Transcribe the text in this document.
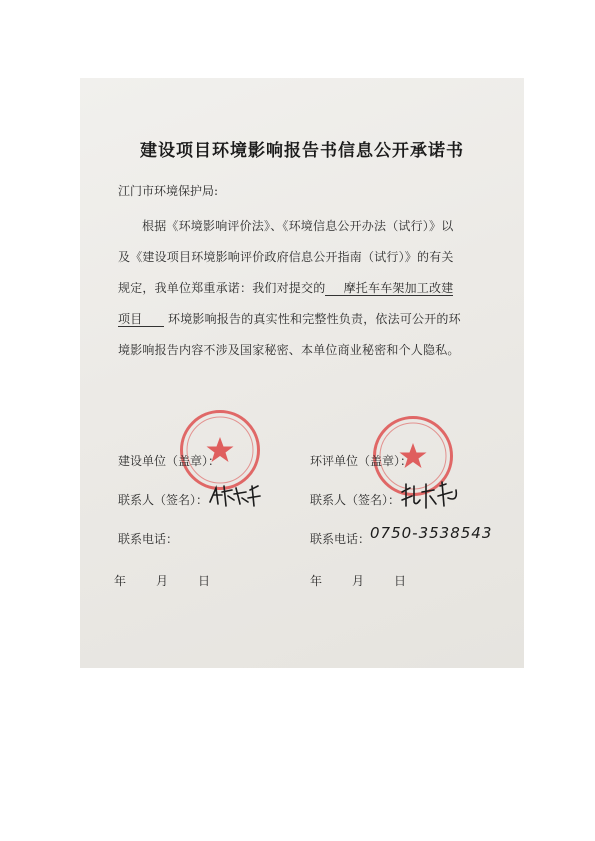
建设项目环境影响报告书信息公开承诺书
江门市环境保护局:
根据《环境影响评价法》、《环境信息公开办法（试行）》以
及《建设项目环境影响评价政府信息公开指南（试行）》的有关
规定，我单位郑重承诺：我们对提交的 摩托车车架加工改建
项目 环境影响报告的真实性和完整性负责，依法可公开的环
境影响报告内容不涉及国家秘密、本单位商业秘密和个人隐私。
建设单位（盖章）：
联系人（签名）：
联系电话：
年	月	日
环评单位（盖章）：
联系人（签名）：
联系电话： 0750-3538543
年	月	日
